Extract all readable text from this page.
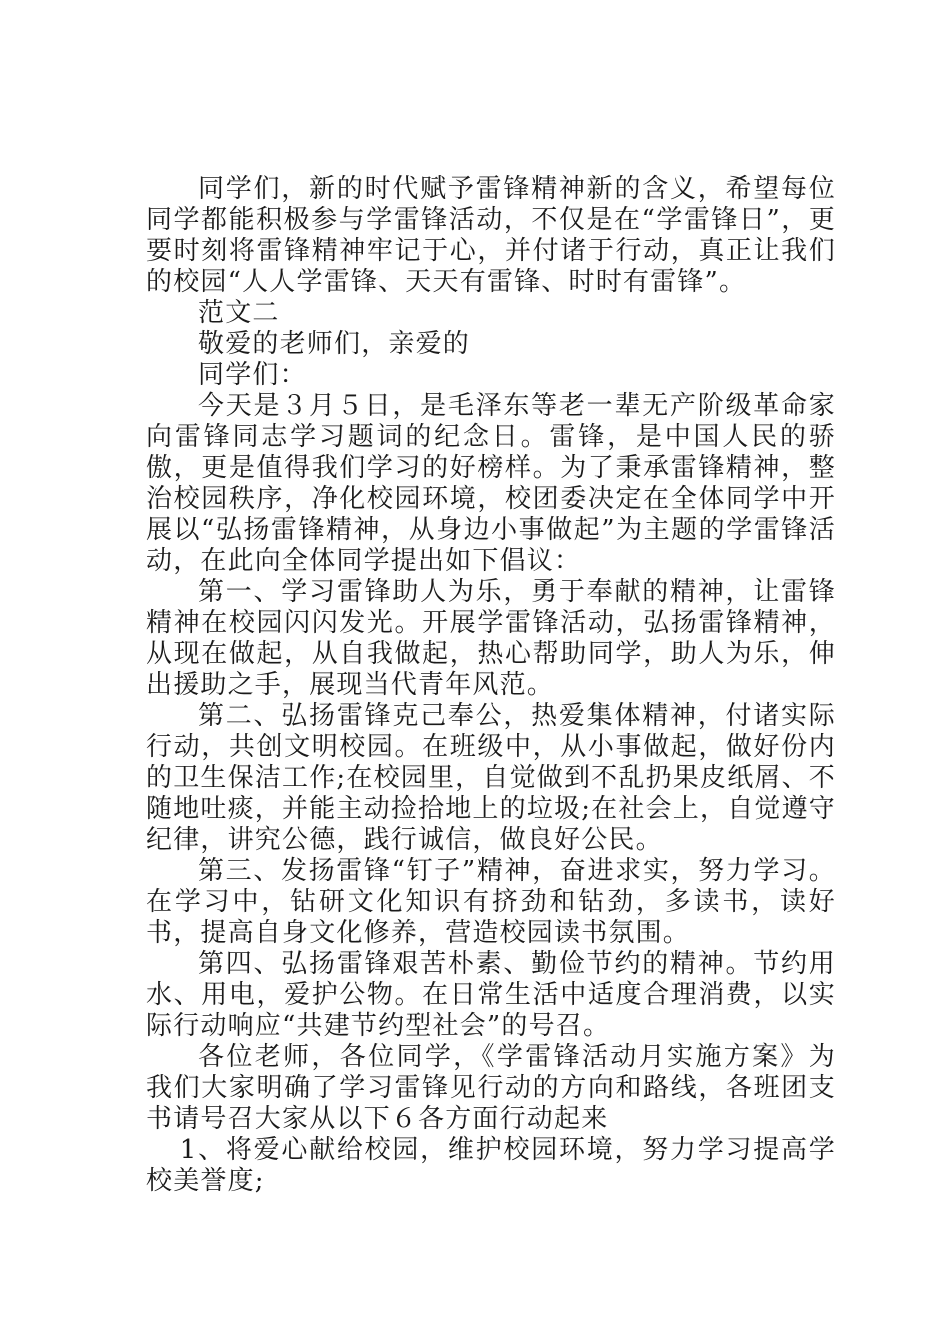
同学们，新的时代赋予雷锋精神新的含义，希望每位同学都能积极参与学雷锋活动，不仅是在“学雷锋日”，更要时刻将雷锋精神牢记于心，并付诸于行动，真正让我们的校园“人人学雷锋、天天有雷锋、时时有雷锋”。

范文二

敬爱的老师们，亲爱的

同学们：

今天是３月５日，是毛泽东等老一辈无产阶级革命家向雷锋同志学习题词的纪念日。雷锋，是中国人民的骄傲，更是值得我们学习的好榜样。为了秉承雷锋精神，整治校园秩序，净化校园环境，校团委决定在全体同学中开展以“弘扬雷锋精神，从身边小事做起”为主题的学雷锋活动，在此向全体同学提出如下倡议：

第一、学习雷锋助人为乐，勇于奉献的精神，让雷锋精神在校园闪闪发光。开展学雷锋活动，弘扬雷锋精神，从现在做起，从自我做起，热心帮助同学，助人为乐，伸出援助之手，展现当代青年风范。

第二、弘扬雷锋克己奉公，热爱集体精神，付诸实际行动，共创文明校园。在班级中，从小事做起，做好份内的卫生保洁工作;在校园里，自觉做到不乱扔果皮纸屑、不随地吐痰，并能主动捡拾地上的垃圾;在社会上，自觉遵守纪律，讲究公德，践行诚信，做良好公民。

第三、发扬雷锋“钉子”精神，奋进求实，努力学习。在学习中，钻研文化知识有挤劲和钻劲，多读书，读好书，提高自身文化修养，营造校园读书氛围。

第四、弘扬雷锋艰苦朴素、勤俭节约的精神。节约用水、用电，爱护公物。在日常生活中适度合理消费，以实际行动响应“共建节约型社会”的号召。

各位老师，各位同学，《学雷锋活动月实施方案》为我们大家明确了学习雷锋见行动的方向和路线，各班团支书请号召大家从以下６各方面行动起来

1、将爱心献给校园，维护校园环境，努力学习提高学校美誉度;
